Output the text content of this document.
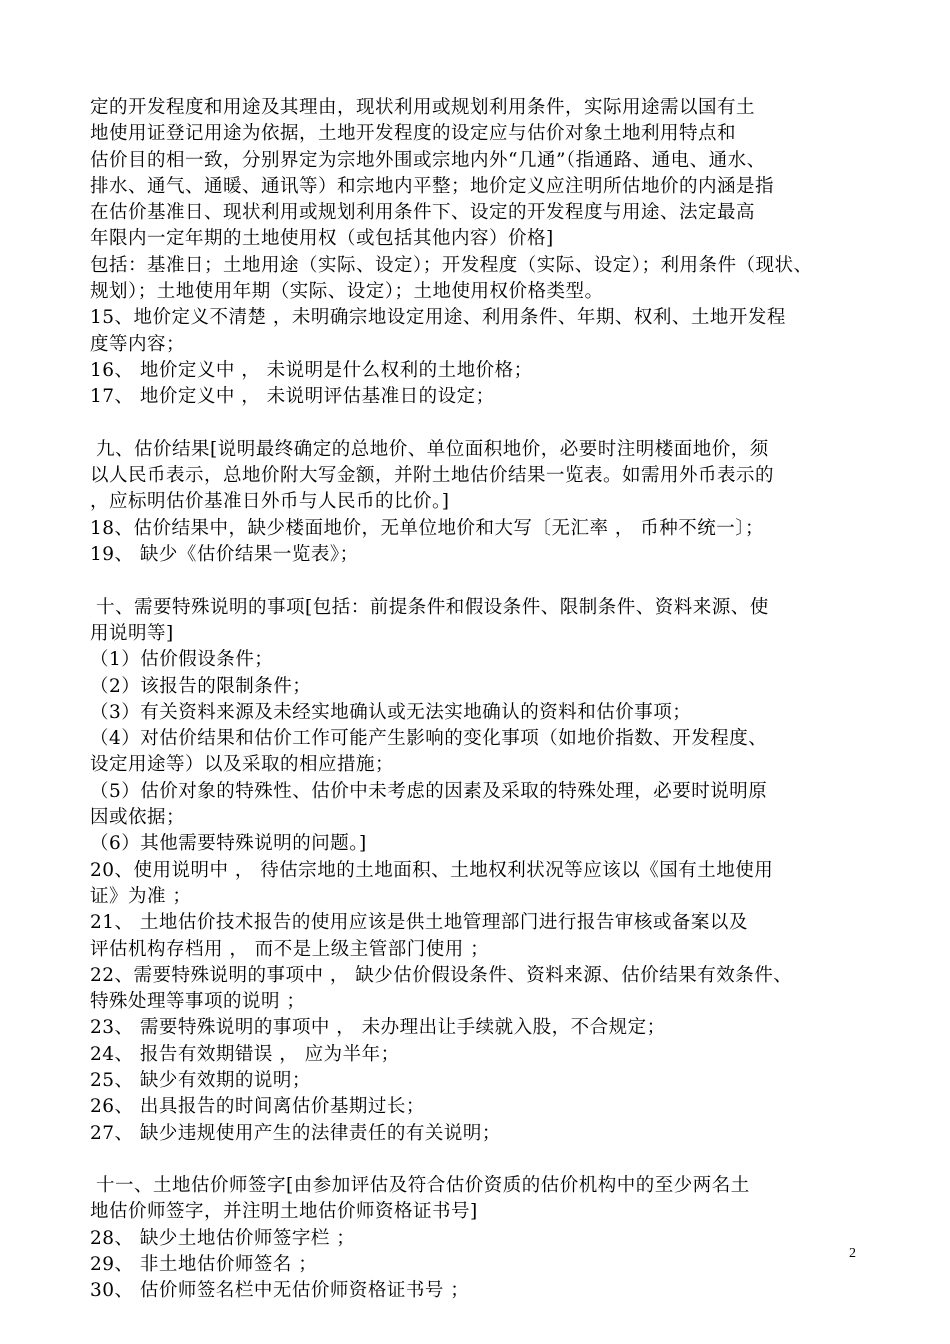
定的开发程度和用途及其理由，现状利用或规划利用条件，实际用途需以国有土
地使用证登记用途为依据，土地开发程度的设定应与估价对象土地利用特点和
估价目的相一致，分别界定为宗地外围或宗地内外“几通”（指通路、通电、通水、
排水、通气、通暖、通讯等）和宗地内平整；地价定义应注明所估地价的内涵是指
在估价基准日、现状利用或规划利用条件下、设定的开发程度与用途、法定最高
年限内一定年期的土地使用权（或包括其他内容）价格]
包括：基准日；土地用途（实际、设定）；开发程度（实际、设定）；利用条件（现状、
规划）；土地使用年期（实际、设定）；土地使用权价格类型。
15、地价定义不清楚 ，未明确宗地设定用途、利用条件、年期、权利、土地开发程
度等内容；
16、 地价定义中 ， 未说明是什么权利的土地价格；
17、 地价定义中 ， 未说明评估基准日的设定；
九、估价结果[说明最终确定的总地价、单位面积地价，必要时注明楼面地价，须
以人民币表示，总地价附大写金额，并附土地估价结果一览表。如需用外币表示的
，应标明估价基准日外币与人民币的比价。]
18、估价结果中，缺少楼面地价，无单位地价和大写〔无汇率 ， 币种不统一〕；
19、 缺少《估价结果一览表》；
十、需要特殊说明的事项[包括：前提条件和假设条件、限制条件、资料来源、使
用说明等]
（1）估价假设条件；
（2）该报告的限制条件；
（3）有关资料来源及未经实地确认或无法实地确认的资料和估价事项；
（4）对估价结果和估价工作可能产生影响的变化事项（如地价指数、开发程度、
设定用途等）以及采取的相应措施；
（5）估价对象的特殊性、估价中未考虑的因素及采取的特殊处理，必要时说明原
因或依据；
（6）其他需要特殊说明的问题。]
20、使用说明中 ， 待估宗地的土地面积、土地权利状况等应该以《国有土地使用
证》为准 ；
21、 土地估价技术报告的使用应该是供土地管理部门进行报告审核或备案以及
评估机构存档用 ， 而不是上级主管部门使用 ；
22、需要特殊说明的事项中 ， 缺少估价假设条件、资料来源、估价结果有效条件、
特殊处理等事项的说明 ；
23、 需要特殊说明的事项中 ， 未办理出让手续就入股，不合规定；
24、 报告有效期错误 ， 应为半年；
25、 缺少有效期的说明；
26、 出具报告的时间离估价基期过长；
27、 缺少违规使用产生的法律责任的有关说明；
十一、土地估价师签字[由参加评估及符合估价资质的估价机构中的至少两名土
地估价师签字，并注明土地估价师资格证书号]
28、 缺少土地估价师签字栏 ；
29、 非土地估价师签名 ；
30、 估价师签名栏中无估价师资格证书号 ；
2
